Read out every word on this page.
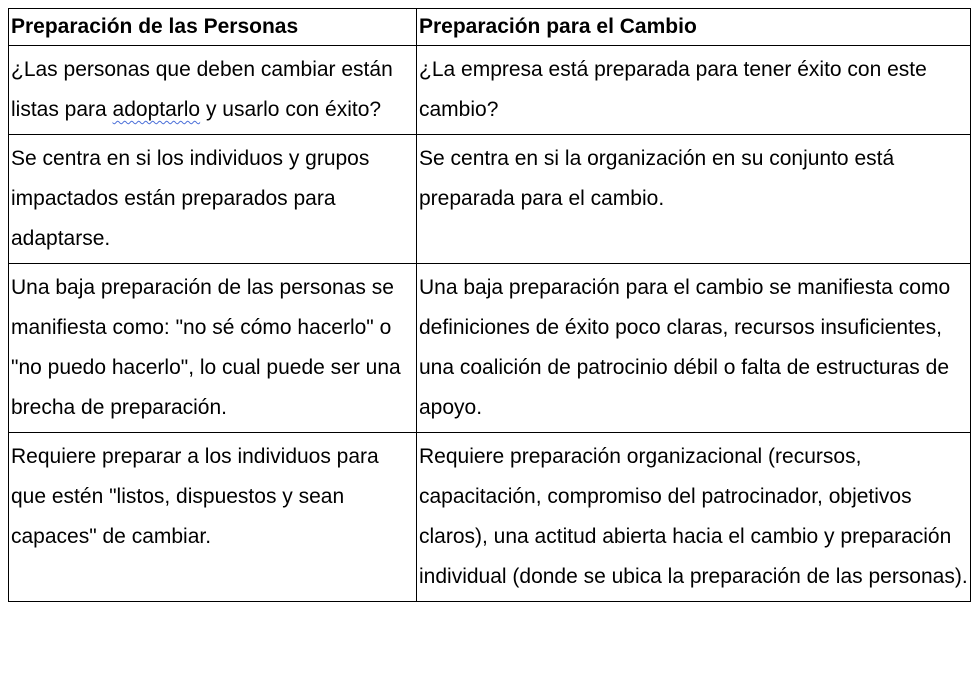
Preparación de las Personas	Preparación para el Cambio
¿Las personas que deben cambiar están listas para adoptarlo y usarlo con éxito?	¿La empresa está preparada para tener éxito con este cambio?
Se centra en si los individuos y grupos impactados están preparados para adaptarse.	Se centra en si la organización en su conjunto está preparada para el cambio.
Una baja preparación de las personas se manifiesta como: "no sé cómo hacerlo" o "no puedo hacerlo", lo cual puede ser una brecha de preparación.	Una baja preparación para el cambio se manifiesta como definiciones de éxito poco claras, recursos insuficientes, una coalición de patrocinio débil o falta de estructuras de apoyo.
Requiere preparar a los individuos para que estén "listos, dispuestos y sean capaces" de cambiar.	Requiere preparación organizacional (recursos, capacitación, compromiso del patrocinador, objetivos claros), una actitud abierta hacia el cambio y preparación individual (donde se ubica la preparación de las personas).
